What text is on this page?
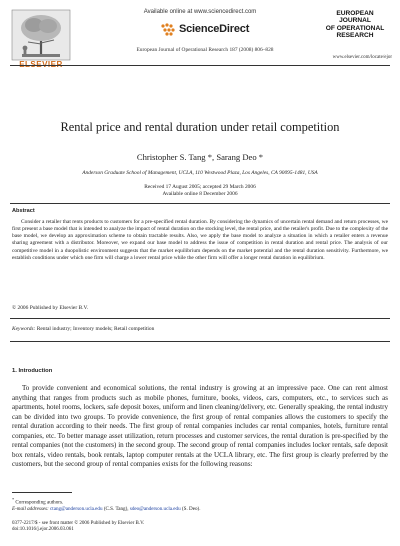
ELSEVIER
Available online at www.sciencedirect.com
ScienceDirect
European Journal of Operational Research 187 (2008) 806–828
EUROPEAN
JOURNAL
OF OPERATIONAL
RESEARCH
www.elsevier.com/locate/ejor
Rental price and rental duration under retail competition
Christopher S. Tang *, Sarang Deo *
Anderson Graduate School of Management, UCLA, 110 Westwood Plaza, Los Angeles, CA 90095-1481, USA
Received 17 August 2005; accepted 29 March 2006
Available online 8 December 2006
Abstract

Consider a retailer that rents products to customers for a pre-specified rental duration. By considering the dynamics of uncertain rental demand and return processes, we first present a base model that is intended to analyze the impact of rental duration on the stocking level, the rental price, and the retailer's profit. Due to the complexity of the base model, we develop an approximation scheme to obtain tractable results. Also, we apply the base model to analyze a situation in which a retailer enters a revenue sharing agreement with a distributor. Moreover, we expand our base model to address the issue of competition in rental duration and rental price. The analysis of our competitive model in a duopolistic environment suggests that the market equilibrium depends on the market potential and the rental duration sensitivity. Furthermore, we establish conditions under which one firm will charge a lower rental price while the other firm will offer a longer rental duration in equilibrium.

© 2006 Published by Elsevier B.V.
Keywords: Rental industry; Inventory models; Retail competition
1. Introduction

To provide convenient and economical solutions, the rental industry is growing at an impressive pace. One can rent almost anything that ranges from products such as mobile phones, furniture, books, videos, cars, computers, etc., to services such as apartments, hotel rooms, lockers, safe deposit boxes, uniform and linen cleaning/delivery, etc. Generally speaking, the rental industry can be divided into two groups. To provide convenience, the first group of rental companies allows the customers to specify the rental duration according to their needs. The first group of rental companies includes car rental companies, hotels, furniture rental companies, etc. To better manage asset utilization, return processes and customer services, the rental duration is pre-specified by the rental companies (not the customers) in the second group. The second group of rental companies includes locker rentals, safe deposit box rentals, video rentals, book rentals, laptop computer rentals at the UCLA library, etc. The first group is clearly preferred by the customers, but the second group of rental companies exists for the following reasons:

* Corresponding authors.
E-mail addresses: ctang@anderson.ucla.edu (C.S. Tang), sdeo@anderson.ucla.edu (S. Deo).
0377-2217/$ - see front matter © 2006 Published by Elsevier B.V.
doi:10.1016/j.ejor.2006.03.061
